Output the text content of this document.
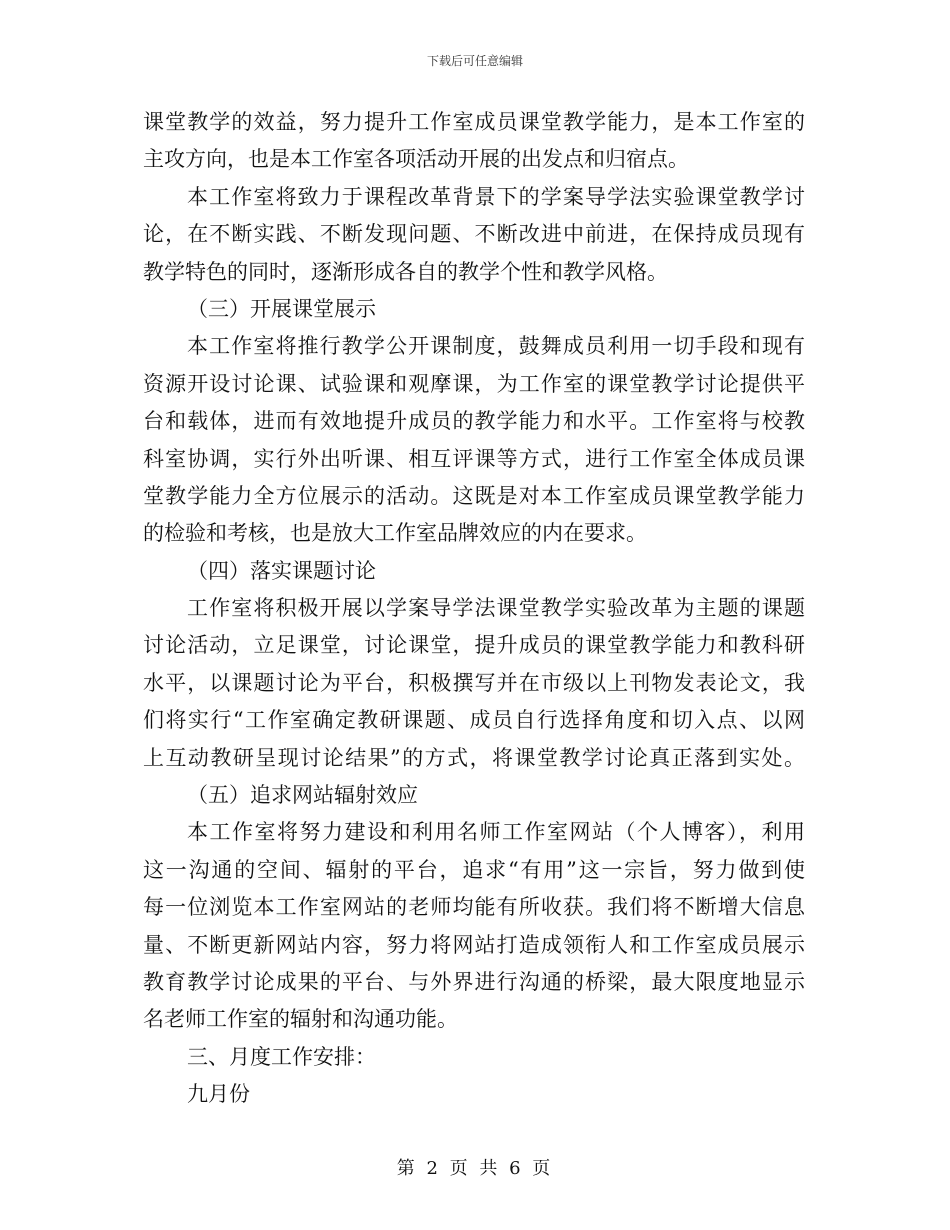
下载后可任意编辑
课堂教学的效益，努力提升工作室成员课堂教学能力，是本工作室的
主攻方向，也是本工作室各项活动开展的出发点和归宿点。
本工作室将致力于课程改革背景下的学案导学法实验课堂教学讨
论，在不断实践、不断发现问题、不断改进中前进，在保持成员现有
教学特色的同时，逐渐形成各自的教学个性和教学风格。
（三）开展课堂展示
本工作室将推行教学公开课制度，鼓舞成员利用一切手段和现有
资源开设讨论课、试验课和观摩课，为工作室的课堂教学讨论提供平
台和载体，进而有效地提升成员的教学能力和水平。工作室将与校教
科室协调，实行外出听课、相互评课等方式，进行工作室全体成员课
堂教学能力全方位展示的活动。这既是对本工作室成员课堂教学能力
的检验和考核，也是放大工作室品牌效应的内在要求。
（四）落实课题讨论
工作室将积极开展以学案导学法课堂教学实验改革为主题的课题
讨论活动，立足课堂，讨论课堂，提升成员的课堂教学能力和教科研
水平，以课题讨论为平台，积极撰写并在市级以上刊物发表论文，我
们将实行“工作室确定教研课题、成员自行选择角度和切入点、以网
上互动教研呈现讨论结果”的方式，将课堂教学讨论真正落到实处。
（五）追求网站辐射效应
本工作室将努力建设和利用名师工作室网站（个人博客），利用
这一沟通的空间、辐射的平台，追求“有用”这一宗旨，努力做到使
每一位浏览本工作室网站的老师均能有所收获。我们将不断增大信息
量、不断更新网站内容，努力将网站打造成领衔人和工作室成员展示
教育教学讨论成果的平台、与外界进行沟通的桥梁，最大限度地显示
名老师工作室的辐射和沟通功能。
三、月度工作安排：
九月份
第 2 页 共 6 页
